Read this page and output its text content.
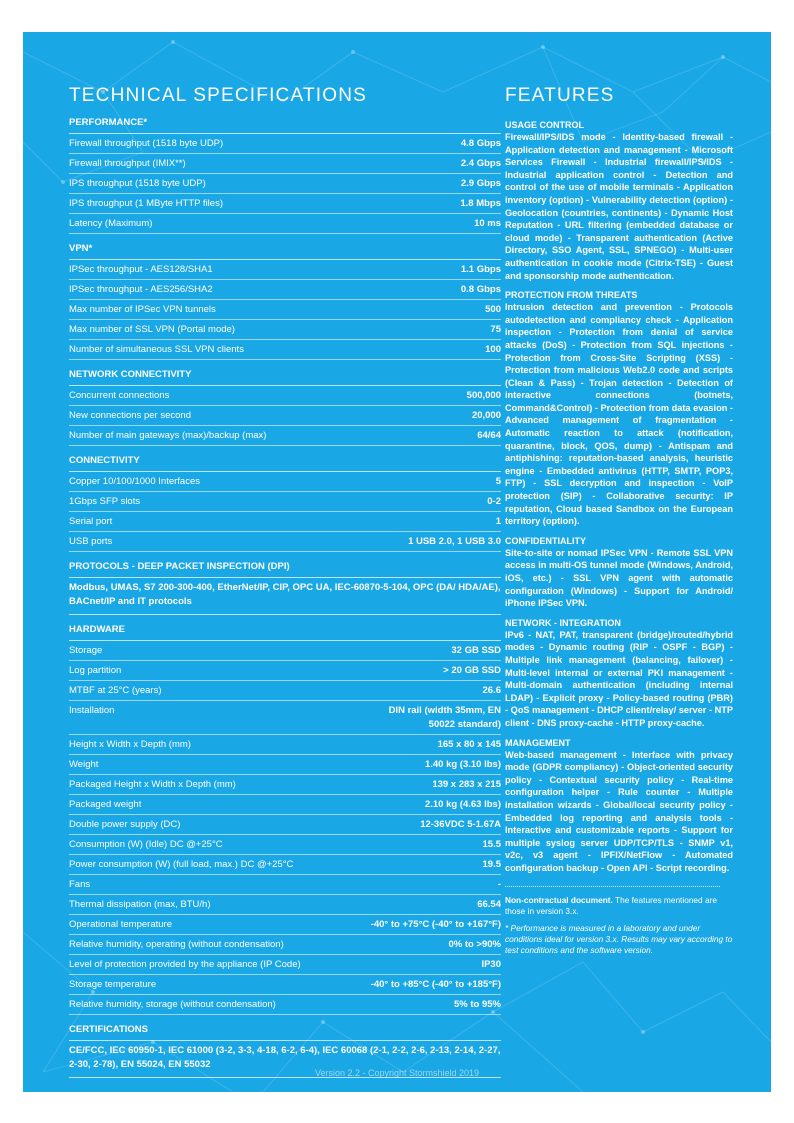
TECHNICAL SPECIFICATIONS
PERFORMANCE*
Firewall throughput (1518 byte UDP)	4.8 Gbps
Firewall throughput (IMIX**)	2.4 Gbps
IPS throughput (1518 byte UDP)	2.9 Gbps
IPS throughput (1 MByte HTTP files)	1.8 Mbps
Latency (Maximum)	10 ms
VPN*
IPSec throughput - AES128/SHA1	1.1 Gbps
IPSec throughput - AES256/SHA2	0.8 Gbps
Max number of IPSec VPN tunnels	500
Max number of SSL VPN (Portal mode)	75
Number of simultaneous SSL VPN clients	100
NETWORK CONNECTIVITY
Concurrent connections	500,000
New connections per second	20,000
Number of main gateways (max)/backup (max)	64/64
CONNECTIVITY
Copper 10/100/1000 Interfaces	5
1Gbps SFP slots	0-2
Serial port	1
USB ports	1 USB 2.0, 1 USB 3.0
PROTOCOLS - DEEP PACKET INSPECTION (DPI)
Modbus, UMAS, S7 200-300-400, EtherNet/IP, CIP, OPC UA, IEC-60870-5-104, OPC (DA/ HDA/AE), BACnet/IP and IT protocols
HARDWARE
Storage	32 GB SSD
Log partition	> 20 GB SSD
MTBF at 25°C (years)	26.6
Installation	DIN rail (width 35mm, EN 50022 standard)
Height x Width x Depth (mm)	165 x 80 x 145
Weight	1.40 kg (3.10 lbs)
Packaged Height x Width x Depth (mm)	139 x 283 x 215
Packaged weight	2.10 kg (4.63 lbs)
Double power supply (DC)	12-36VDC 5-1.67A
Consumption (W) (Idle) DC @+25°C	15.5
Power consumption (W) (full load, max.) DC @+25°C	19.5
Fans	-
Thermal dissipation (max, BTU/h)	66.54
Operational temperature	-40° to +75°C (-40° to +167°F)
Relative humidity, operating (without condensation)	0% to >90%
Level of protection provided by the appliance (IP Code)	IP30
Storage temperature	-40° to +85°C (-40° to +185°F)
Relative humidity, storage (without condensation)	5% to 95%
CERTIFICATIONS
CE/FCC, IEC 60950-1, IEC 61000 (3-2, 3-3, 4-18, 6-2, 6-4), IEC 60068 (2-1, 2-2, 2-6, 2-13, 2-14, 2-27, 2-30, 2-78), EN 55024, EN 55032
FEATURES
USAGE CONTROL
Firewall/IPS/IDS mode - Identity-based firewall - Application detection and management - Microsoft Services Firewall - Industrial firewall/IPS/IDS - Industrial application control - Detection and control of the use of mobile terminals - Application inventory (option) - Vulnerability detection (option) - Geolocation (countries, continents) - Dynamic Host Reputation - URL filtering (embedded database or cloud mode) - Transparent authentication (Active Directory, SSO Agent, SSL, SPNEGO) - Multi-user authentication in cookie mode (Citrix-TSE) - Guest and sponsorship mode authentication.
PROTECTION FROM THREATS
Intrusion detection and prevention - Protocols autodetection and compliancy check - Application inspection - Protection from denial of service attacks (DoS) - Protection from SQL injections - Protection from Cross-Site Scripting (XSS) - Protection from malicious Web2.0 code and scripts (Clean & Pass) - Trojan detection - Detection of interactive connections (botnets, Command&Control) - Protection from data evasion - Advanced management of fragmentation - Automatic reaction to attack (notification, quarantine, block, QOS, dump) - Antispam and antiphishing: reputation-based analysis, heuristic engine - Embedded antivirus (HTTP, SMTP, POP3, FTP) - SSL decryption and inspection - VoIP protection (SIP) - Collaborative security: IP reputation, Cloud based Sandbox on the European territory (option).
CONFIDENTIALITY
Site-to-site or nomad IPSec VPN - Remote SSL VPN access in multi-OS tunnel mode (Windows, Android, iOS, etc.) - SSL VPN agent with automatic configuration (Windows) - Support for Android/ iPhone IPSec VPN.
NETWORK - INTEGRATION
IPv6 - NAT, PAT, transparent (bridge)/routed/hybrid modes - Dynamic routing (RIP - OSPF - BGP) - Multiple link management (balancing, failover) - Multi-level internal or external PKI management - Multi-domain authentication (including internal LDAP) - Explicit proxy - Policy-based routing (PBR) - QoS management - DHCP client/relay/ server - NTP client - DNS proxy-cache - HTTP proxy-cache.
MANAGEMENT
Web-based management - Interface with privacy mode (GDPR compliancy) - Object-oriented security policy - Contextual security policy - Real-time configuration helper - Rule counter - Multiple installation wizards - Global/local security policy - Embedded log reporting and analysis tools - Interactive and customizable reports - Support for multiple syslog server UDP/TCP/TLS - SNMP v1, v2c, v3 agent - IPFIX/NetFlow - Automated configuration backup - Open API - Script recording.

Non-contractual document. The features mentioned are those in version 3.x.

* Performance is measured in a laboratory and under conditions ideal for version 3.x. Results may vary according to test conditions and the software version.

Version 2.2 - Copyright Stormshield 2019
